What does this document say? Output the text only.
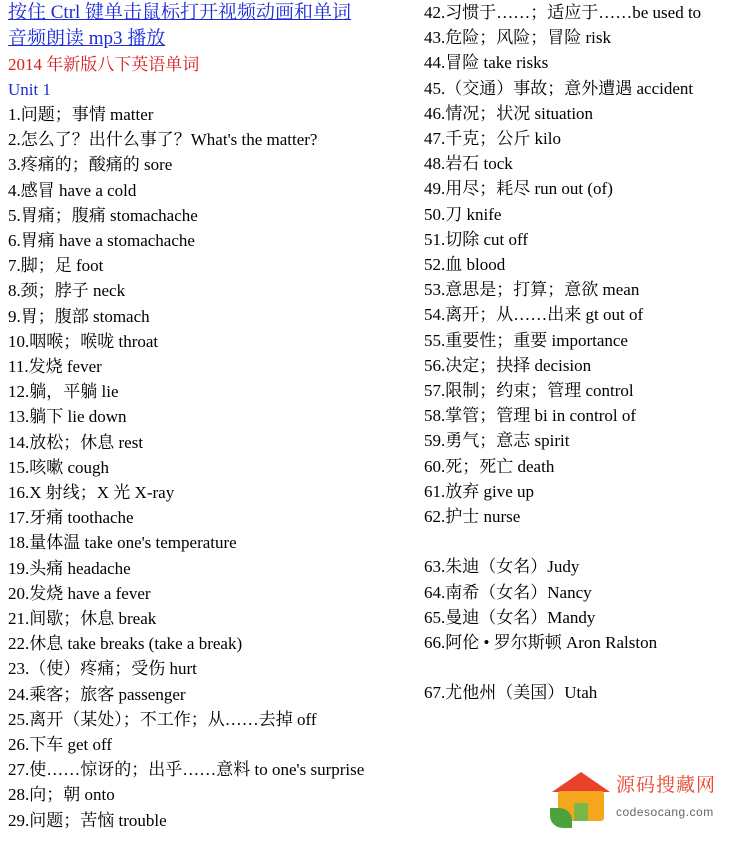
按住 Ctrl 键单击鼠标打开视频动画和单词音频朗读 mp3 播放
2014 年新版八下英语单词
Unit 1
1.问题；事情 matter
2.怎么了？出什么事了？What's the matter?
3.疼痛的；酸痛的 sore
4.感冒 have a cold
5.胃痛；腹痛 stomachache
6.胃痛 have a stomachache
7.脚；足 foot
8.颈；脖子 neck
9.胃；腹部 stomach
10.咽喉；喉咙 throat
11.发烧 fever
12.躺，平躺 lie
13.躺下 lie down
14.放松；休息 rest
15.咳嗽 cough
16.X 射线；X 光 X-ray
17.牙痛 toothache
18.量体温 take one's temperature
19.头痛 headache
20.发烧 have a fever
21.间歇；休息 break
22.休息 take breaks (take a break)
23.（使）疼痛；受伤 hurt
24.乘客；旅客 passenger
25.离开（某处）；不工作；从……去掉 off
26.下车 get off
27.使……惊讶的；出乎……意料 to one's surprise
28.向；朝 onto
29.问题；苦恼 trouble
42.习惯于……；适应于……be used to
43.危险；风险；冒险 risk
44.冒险 take risks
45.（交通）事故；意外遭遇 accident
46.情况；状况 situation
47.千克；公斤 kilo
48.岩石 tock
49.用尽；耗尽 run out (of)
50.刀 knife
51.切除 cut off
52.血 blood
53.意思是；打算；意欲 mean
54.离开；从……出来 gt out of
55.重要性；重要 importance
56.决定；抉择 decision
57.限制；约束；管理 control
58.掌管；管理 bi in control of
59.勇气；意志 spirit
60.死；死亡 death
61.放弃 give up
62.护士 nurse
63.朱迪（女名）Judy
64.南希（女名）Nancy
65.曼迪（女名）Mandy
66.阿伦 • 罗尔斯顿 Aron Ralston
67.尤他州（美国）Utah
源码搜藏网
codesocang.com
